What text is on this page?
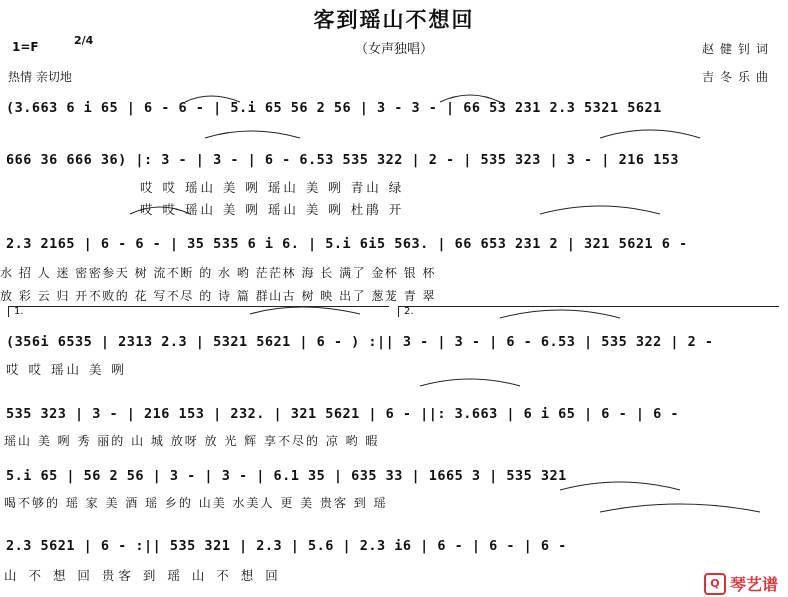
客到瑶山不想回
（女声独唱）
1=F	2/4
热情 亲切地
赵健钊词
吉冬乐曲
(3.663 6 i 65 | 6 - 6 - | 5.i 65 56 2 56 | 3 - 3 - | 66 53 231 2.3 5321 5621
666 36 666 36) |: 3 - | 3 - | 6 - 6.53 535 322 | 2 - | 535 323 | 3 - | 216 153
哎 哎 瑶山 美 咧 瑶山 美 咧 青山 绿
哎 哎 瑶山 美 咧 瑶山 美 咧 杜鹃 开
2.3 2165 | 6 - 6 - | 35 535 6 i 6. | 5.i 6i5 563. | 66 653 231 2 | 321 5621 6 -
水 招 人 迷 密密参天 树 流不断 的 水 哟 茫茫林 海 长 满了 金杯 银 杯
放 彩 云 归 开不败的 花 写不尽 的 诗 篇 群山古 树 映 出了 葱茏 青 翠
1.	2.
(356i 6535 | 2313 2.3 | 5321 5621 | 6 - ) :|| 3 - | 3 - | 6 - 6.53 | 535 322 | 2 -
哎 哎 瑶山 美 咧
535 323 | 3 - | 216 153 | 232. | 321 5621 | 6 - ||: 3.663 | 6 i 65 | 6 - | 6 -
瑶山 美 咧 秀 丽的 山 城 放呀 放 光 辉 享不尽的 凉 哟 暇
5.i 65 | 56 2 56 | 3 - | 3 - | 6.1 35 | 635 33 | 1665 3 | 535 321
喝不够的 瑶 家 美 酒 瑶 乡的 山美 水美人 更 美 贵客 到 瑶
2.3 5621 | 6 - :|| 535 321 | 2.3 | 5.6 | 2.3 i6 | 6 - | 6 - | 6 -
山 不 想 回 贵客 到 瑶 山 不 想 回
Q 琴艺谱
